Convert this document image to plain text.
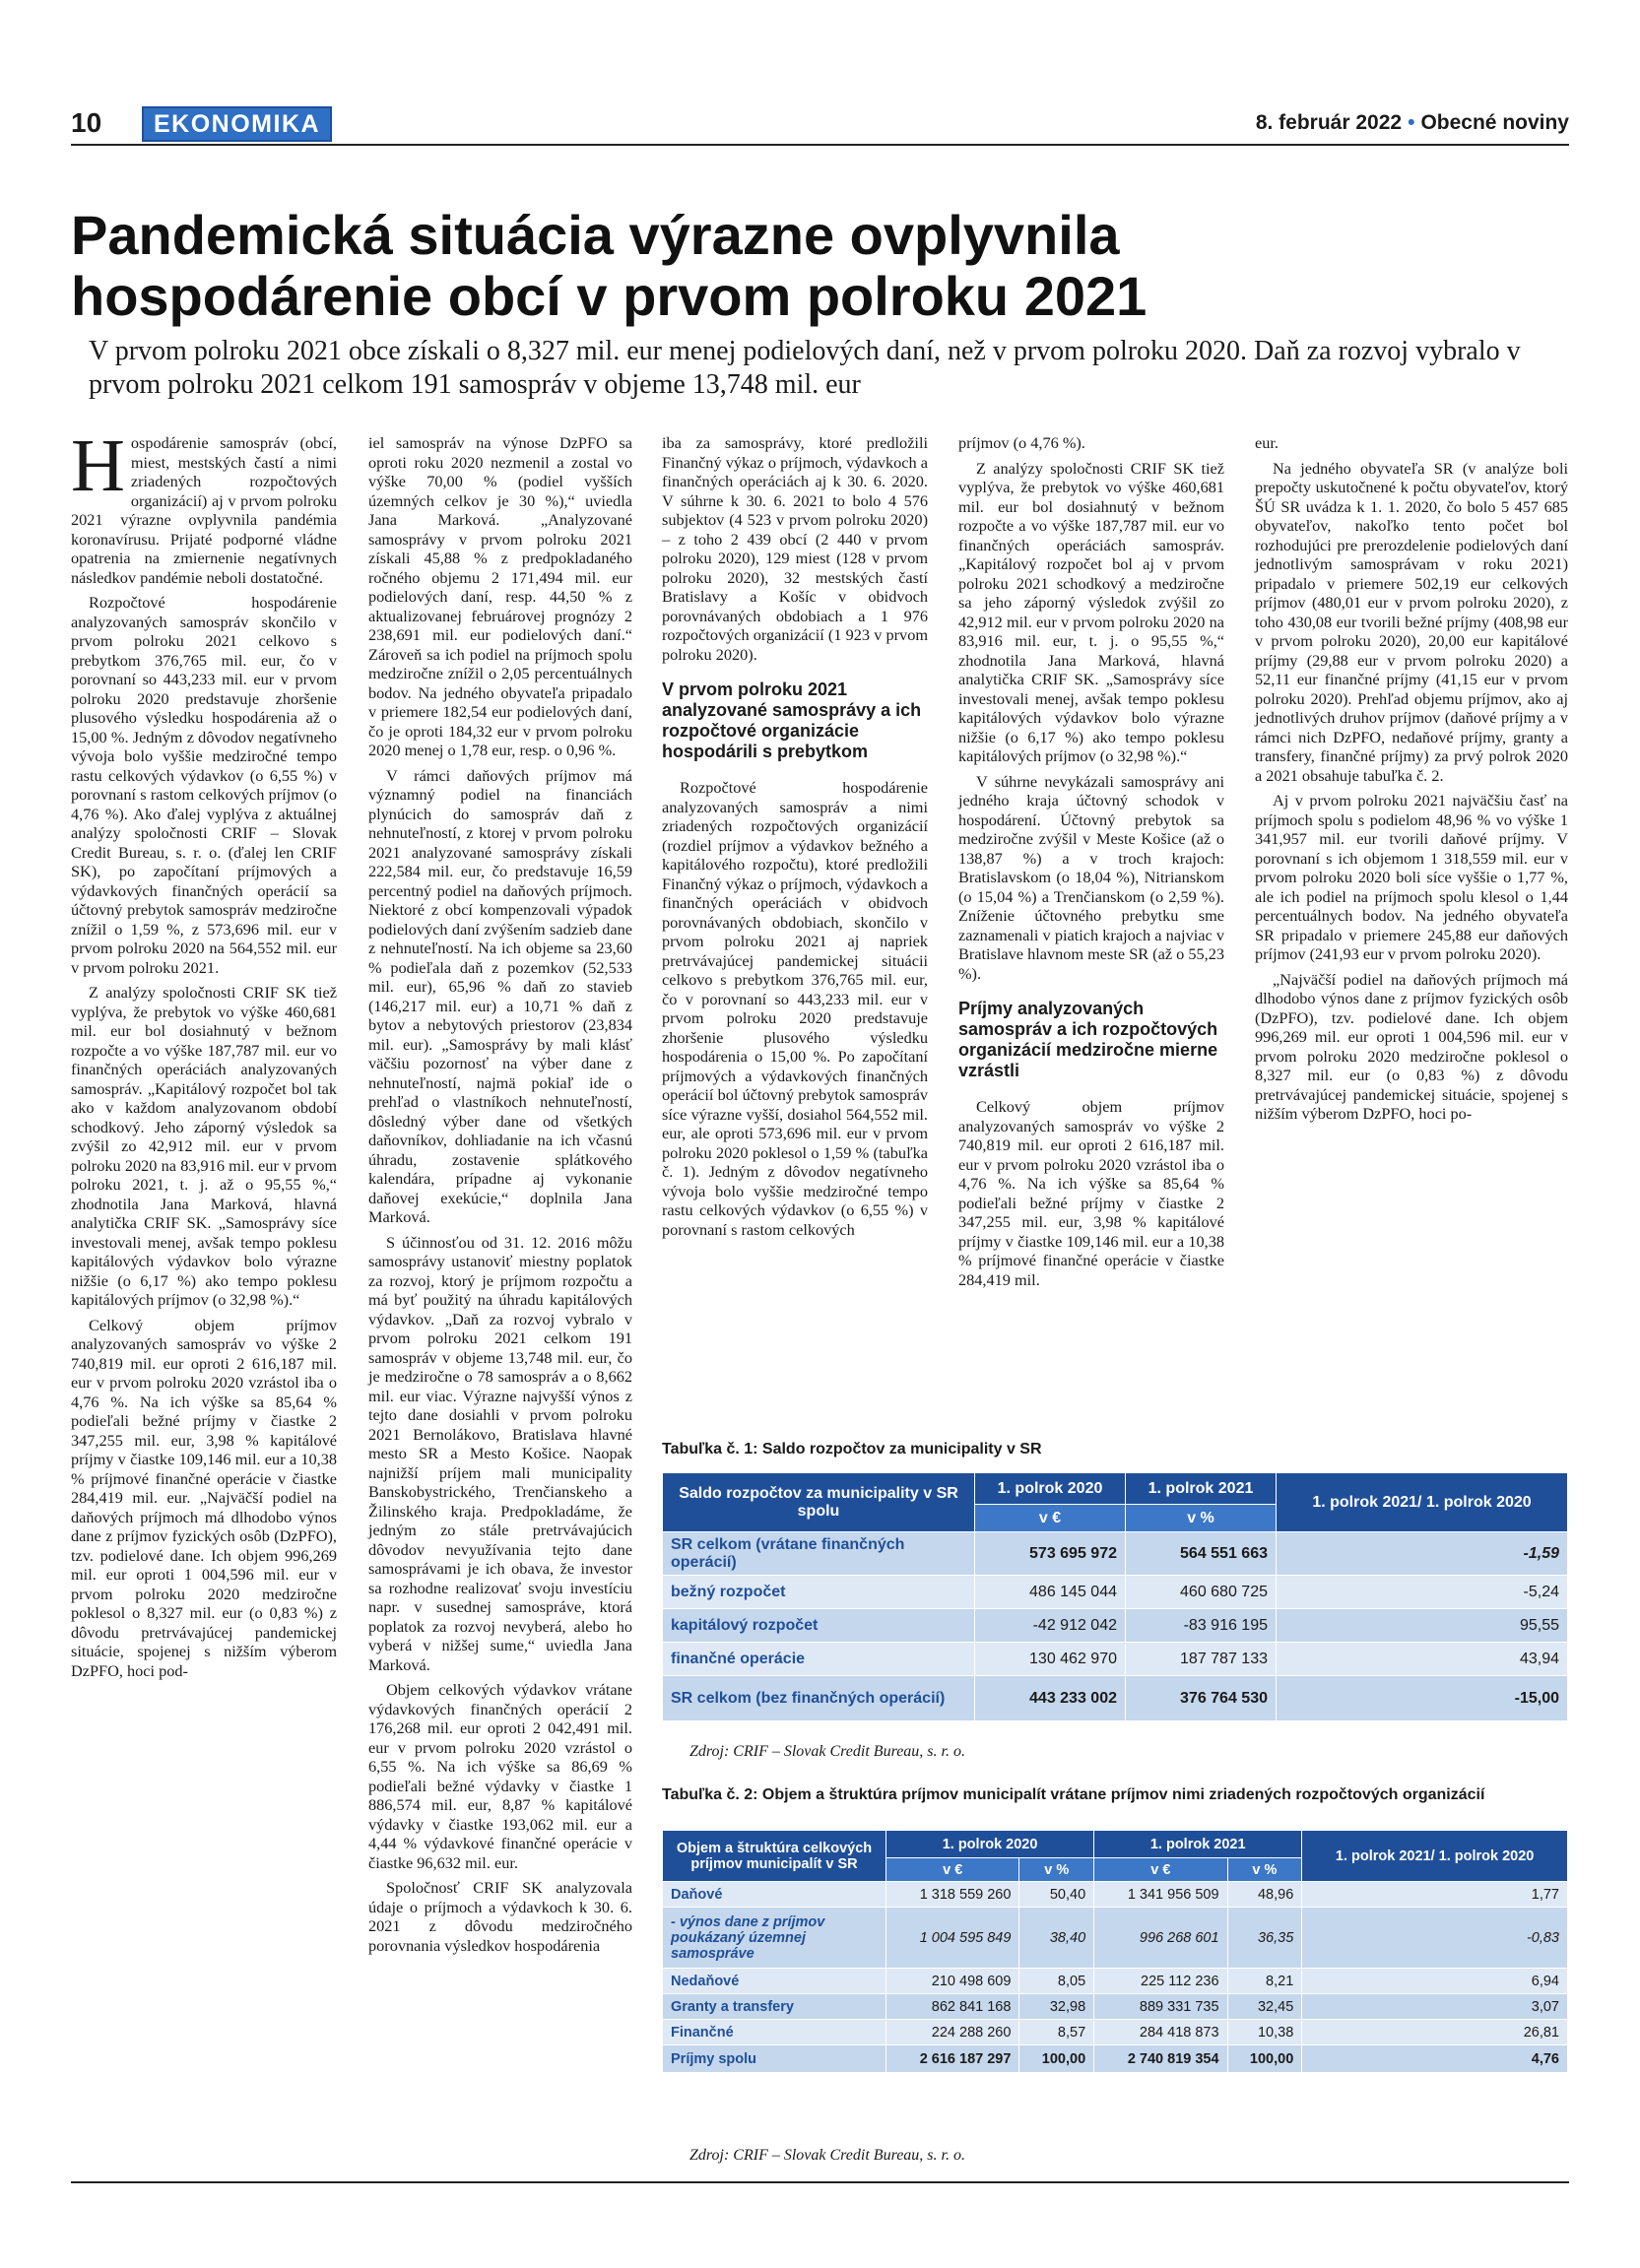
10	EKONOMIKA	8. február 2022 • Obecné noviny
Pandemická situácia výrazne ovplyvnila hospodárenie obcí v prvom polroku 2021

V prvom polroku 2021 obce získali o 8,327 mil. eur menej podielových daní, než v prvom polroku 2020. Daň za rozvoj vybralo v prvom polroku 2021 celkom 191 samospráv v objeme 13,748 mil. eur

Hospodárenie samospráv (obcí, miest, mestských častí a nimi zriadených rozpočtových organizácií) aj v prvom polroku 2021 výrazne ovplyvnila pandémia koronavírusu. Prijaté podporné vládne opatrenia na zmiernenie negatívnych následkov pandémie neboli dostatočné.

Rozpočtové hospodárenie analyzovaných samospráv skončilo v prvom polroku 2021 celkovo s prebytkom 376,765 mil. eur, čo v porovnaní so 443,233 mil. eur v prvom polroku 2020 predstavuje zhoršenie plusového výsledku hospodárenia až o 15,00 %. Jedným z dôvodov negatívneho vývoja bolo vyššie medziročné tempo rastu celkových výdavkov (o 6,55 %) v porovnaní s rastom celkových príjmov (o 4,76 %). Ako ďalej vyplýva z aktuálnej analýzy spoločnosti CRIF – Slovak Credit Bureau, s. r. o. (ďalej len CRIF SK), po započítaní príjmových a výdavkových finančných operácií sa účtovný prebytok samospráv medziročne znížil o 1,59 %, z 573,696 mil. eur v prvom polroku 2020 na 564,552 mil. eur v prvom polroku 2021.

Z analýzy spoločnosti CRIF SK tiež vyplýva, že prebytok vo výške 460,681 mil. eur bol dosiahnutý v bežnom rozpočte a vo výške 187,787 mil. eur vo finančných operáciách analyzovaných samospráv. „Kapitálový rozpočet bol tak ako v každom analyzovanom období schodkový. Jeho záporný výsledok sa zvýšil zo 42,912 mil. eur v prvom polroku 2020 na 83,916 mil. eur v prvom polroku 2021, t. j. až o 95,55 %,“ zhodnotila Jana Marková, hlavná analytička CRIF SK. „Samosprávy síce investovali menej, avšak tempo poklesu kapitálových výdavkov bolo výrazne nižšie (o 6,17 %) ako tempo poklesu kapitálových príjmov (o 32,98 %).“

Celkový objem príjmov analyzovaných samospráv vo výške 2 740,819 mil. eur oproti 2 616,187 mil. eur v prvom polroku 2020 vzrástol iba o 4,76 %. Na ich výške sa 85,64 % podieľali bežné príjmy v čiastke 2 347,255 mil. eur, 3,98 % kapitálové príjmy v čiastke 109,146 mil. eur a 10,38 % príjmové finančné operácie v čiastke 284,419 mil. eur. „Najväčší podiel na daňových príjmoch má dlhodobo výnos dane z príjmov fyzických osôb (DzPFO), tzv. podielové dane. Ich objem 996,269 mil. eur oproti 1 004,596 mil. eur v prvom polroku 2020 medziročne poklesol o 8,327 mil. eur (o 0,83 %) z dôvodu pretrvávajúcej pandemickej situácie, spojenej s nižším výberom DzPFO, hoci pod-

iel samospráv na výnose DzPFO sa oproti roku 2020 nezmenil a zostal vo výške 70,00 % (podiel vyšších územných celkov je 30 %),“ uviedla Jana Marková. „Analyzované samosprávy v prvom polroku 2021 získali 45,88 % z predpokladaného ročného objemu 2 171,494 mil. eur podielových daní, resp. 44,50 % z aktualizovanej februárovej prognózy 2 238,691 mil. eur podielových daní.“ Zároveň sa ich podiel na príjmoch spolu medziročne znížil o 2,05 percentuálnych bodov. Na jedného obyvateľa pripadalo v priemere 182,54 eur podielových daní, čo je oproti 184,32 eur v prvom polroku 2020 menej o 1,78 eur, resp. o 0,96 %.

V rámci daňových príjmov má významný podiel na financiách plynúcich do samospráv daň z nehnuteľností, z ktorej v prvom polroku 2021 analyzované samosprávy získali 222,584 mil. eur, čo predstavuje 16,59 percentný podiel na daňových príjmoch. Niektoré z obcí kompenzovali výpadok podielových daní zvýšením sadzieb dane z nehnuteľností. Na ich objeme sa 23,60 % podieľala daň z pozemkov (52,533 mil. eur), 65,96 % daň zo stavieb (146,217 mil. eur) a 10,71 % daň z bytov a nebytových priestorov (23,834 mil. eur). „Samosprávy by mali klásť väčšiu pozornosť na výber dane z nehnuteľností, najmä pokiaľ ide o prehľad o vlastníkoch nehnuteľností, dôsledný výber dane od všetkých daňovníkov, dohliadanie na ich včasnú úhradu, zostavenie splátkového kalendára, prípadne aj vykonanie daňovej exekúcie,“ doplnila Jana Marková.

S účinnosťou od 31. 12. 2016 môžu samosprávy ustanoviť miestny poplatok za rozvoj, ktorý je príjmom rozpočtu a má byť použitý na úhradu kapitálových výdavkov. „Daň za rozvoj vybralo v prvom polroku 2021 celkom 191 samospráv v objeme 13,748 mil. eur, čo je medziročne o 78 samospráv a o 8,662 mil. eur viac. Výrazne najvyšší výnos z tejto dane dosiahli v prvom polroku 2021 Bernolákovo, Bratislava hlavné mesto SR a Mesto Košice. Naopak najnižší príjem mali municipality Banskobystrického, Trenčianskeho a Žilinského kraja. Predpokladáme, že jedným zo stále pretrvávajúcich dôvodov nevyužívania tejto dane samosprávami je ich obava, že investor sa rozhodne realizovať svoju investíciu napr. v susednej samospráve, ktorá poplatok za rozvoj nevyberá, alebo ho vyberá v nižšej sume,“ uviedla Jana Marková.

Objem celkových výdavkov vrátane výdavkových finančných operácií 2 176,268 mil. eur oproti 2 042,491 mil. eur v prvom polroku 2020 vzrástol o 6,55 %. Na ich výške sa 86,69 % podieľali bežné výdavky v čiastke 1 886,574 mil. eur, 8,87 % kapitálové výdavky v čiastke 193,062 mil. eur a 4,44 % výdavkové finančné operácie v čiastke 96,632 mil. eur.

Spoločnosť CRIF SK analyzovala údaje o príjmoch a výdavkoch k 30. 6. 2021 z dôvodu medziročného porovnania výsledkov hospodárenia

iba za samosprávy, ktoré predložili Finančný výkaz o príjmoch, výdavkoch a finančných operáciách aj k 30. 6. 2020. V súhrne k 30. 6. 2021 to bolo 4 576 subjektov (4 523 v prvom polroku 2020) – z toho 2 439 obcí (2 440 v prvom polroku 2020), 129 miest (128 v prvom polroku 2020), 32 mestských častí Bratislavy a Košíc v obidvoch porovnávaných obdobiach a 1 976 rozpočtových organizácií (1 923 v prvom polroku 2020).

V prvom polroku 2021 analyzované samosprávy a ich rozpočtové organizácie hospodárili s prebytkom

Rozpočtové hospodárenie analyzovaných samospráv a nimi zriadených rozpočtových organizácií (rozdiel príjmov a výdavkov bežného a kapitálového rozpočtu), ktoré predložili Finančný výkaz o príjmoch, výdavkoch a finančných operáciách v obidvoch porovnávaných obdobiach, skončilo v prvom polroku 2021 aj napriek pretrvávajúcej pandemickej situácii celkovo s prebytkom 376,765 mil. eur, čo v porovnaní so 443,233 mil. eur v prvom polroku 2020 predstavuje zhoršenie plusového výsledku hospodárenia o 15,00 %. Po započítaní príjmových a výdavkových finančných operácií bol účtovný prebytok samospráv síce výrazne vyšší, dosiahol 564,552 mil. eur, ale oproti 573,696 mil. eur v prvom polroku 2020 poklesol o 1,59 % (tabuľka č. 1). Jedným z dôvodov negatívneho vývoja bolo vyššie medziročné tempo rastu celkových výdavkov (o 6,55 %) v porovnaní s rastom celkových

príjmov (o 4,76 %).

Z analýzy spoločnosti CRIF SK tiež vyplýva, že prebytok vo výške 460,681 mil. eur bol dosiahnutý v bežnom rozpočte a vo výške 187,787 mil. eur vo finančných operáciách samospráv. „Kapitálový rozpočet bol aj v prvom polroku 2021 schodkový a medziročne sa jeho záporný výsledok zvýšil zo 42,912 mil. eur v prvom polroku 2020 na 83,916 mil. eur, t. j. o 95,55 %,“ zhodnotila Jana Marková, hlavná analytička CRIF SK. „Samosprávy síce investovali menej, avšak tempo poklesu kapitálových výdavkov bolo výrazne nižšie (o 6,17 %) ako tempo poklesu kapitálových príjmov (o 32,98 %).“

V súhrne nevykázali samosprávy ani jedného kraja účtovný schodok v hospodárení. Účtovný prebytok sa medziročne zvýšil v Meste Košice (až o 138,87 %) a v troch krajoch: Bratislavskom (o 18,04 %), Nitrianskom (o 15,04 %) a Trenčianskom (o 2,59 %). Zníženie účtovného prebytku sme zaznamenali v piatich krajoch a najviac v Bratislave hlavnom meste SR (až o 55,23 %).

Príjmy analyzovaných samospráv a ich rozpočtových organizácií medziročne mierne vzrástli

Celkový objem príjmov analyzovaných samospráv vo výške 2 740,819 mil. eur oproti 2 616,187 mil. eur v prvom polroku 2020 vzrástol iba o 4,76 %. Na ich výške sa 85,64 % podieľali bežné príjmy v čiastke 2 347,255 mil. eur, 3,98 % kapitálové príjmy v čiastke 109,146 mil. eur a 10,38 % príjmové finančné operácie v čiastke 284,419 mil.

eur.

Na jedného obyvateľa SR (v analýze boli prepočty uskutočnené k počtu obyvateľov, ktorý ŠÚ SR uvádza k 1. 1. 2020, čo bolo 5 457 685 obyvateľov, nakoľko tento počet bol rozhodujúci pre prerozdelenie podielových daní jednotlivým samosprávam v roku 2021) pripadalo v priemere 502,19 eur celkových príjmov (480,01 eur v prvom polroku 2020), z toho 430,08 eur tvorili bežné príjmy (408,98 eur v prvom polroku 2020), 20,00 eur kapitálové príjmy (29,88 eur v prvom polroku 2020) a 52,11 eur finančné príjmy (41,15 eur v prvom polroku 2020). Prehľad objemu príjmov, ako aj jednotlivých druhov príjmov (daňové príjmy a v rámci nich DzPFO, nedaňové príjmy, granty a transfery, finančné príjmy) za prvý polrok 2020 a 2021 obsahuje tabuľka č. 2.

Aj v prvom polroku 2021 najväčšiu časť na príjmoch spolu s podielom 48,96 % vo výške 1 341,957 mil. eur tvorili daňové príjmy. V porovnaní s ich objemom 1 318,559 mil. eur v prvom polroku 2020 boli síce vyššie o 1,77 %, ale ich podiel na príjmoch spolu klesol o 1,44 percentuálnych bodov. Na jedného obyvateľa SR pripadalo v priemere 245,88 eur daňových príjmov (241,93 eur v prvom polroku 2020).

„Najväčší podiel na daňových príjmoch má dlhodobo výnos dane z príjmov fyzických osôb (DzPFO), tzv. podielové dane. Ich objem 996,269 mil. eur oproti 1 004,596 mil. eur v prvom polroku 2020 medziročne poklesol o 8,327 mil. eur (o 0,83 %) z dôvodu pretrvávajúcej pandemickej situácie, spojenej s nižším výberom DzPFO, hoci po-

Tabuľka č. 1: Saldo rozpočtov za municipality v SR
Saldo rozpočtov za municipality v SR spolu	1. polrok 2020	1. polrok 2021	1. polrok 2021/ 1. polrok 2020
	v €	v %	
SR celkom (vrátane finančných operácií)	573 695 972	564 551 663	-1,59
bežný rozpočet	486 145 044	460 680 725	-5,24
kapitálový rozpočet	-42 912 042	-83 916 195	95,55
finančné operácie	130 462 970	187 787 133	43,94
SR celkom (bez finančných operácií)	443 233 002	376 764 530	-15,00
Zdroj: CRIF – Slovak Credit Bureau, s. r. o.
Tabuľka č. 2: Objem a štruktúra príjmov municipalít vrátane príjmov nimi zriadených rozpočtových organizácií
Objem a štruktúra celkových príjmov municipalít v SR	1. polrok 2020		1. polrok 2021		1. polrok 2021/ 1. polrok 2020
	v €	v %	v €	v %	
Daňové	1 318 559 260	50,40	1 341 956 509	48,96	1,77
- výnos dane z príjmov poukázaný územnej samospráve	1 004 595 849	38,40	996 268 601	36,35	-0,83
Nedaňové	210 498 609	8,05	225 112 236	8,21	6,94
Granty a transfery	862 841 168	32,98	889 331 735	32,45	3,07
Finančné	224 288 260	8,57	284 418 873	10,38	26,81
Príjmy spolu	2 616 187 297	100,00	2 740 819 354	100,00	4,76
Zdroj: CRIF – Slovak Credit Bureau, s. r. o.
